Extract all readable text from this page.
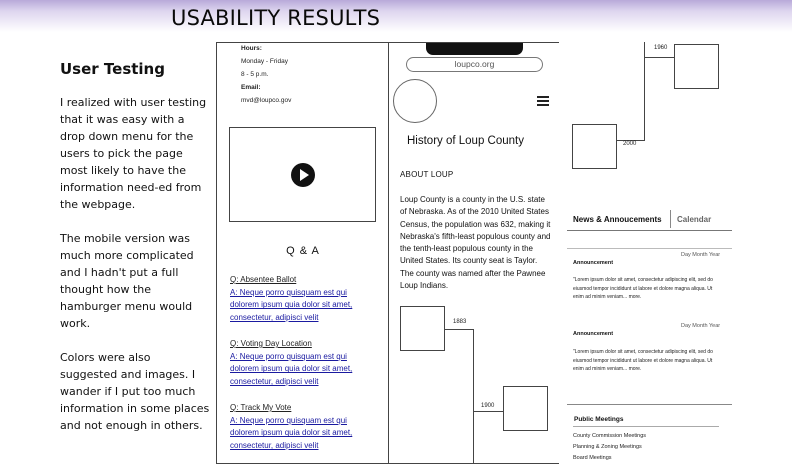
USABILITY RESULTS
User Testing

I realized with user testing that it was easy with a drop down menu for the users to pick the page most likely to have the information need-ed from the webpage.

The mobile version was much more complicated and I hadn't put a full thought how the hamburger menu would work.

Colors were also suggested and images. I wander if I put too much information in some places and not enough in others.

Hours:
Monday - Friday
8 - 5 p.m.
Email:
mvd@loupco.gov
Q & A
Q: Absentee Ballot
A: Neque porro quisquam est qui
dolorem ipsum quia dolor sit amet,
consectetur, adipisci velit
Q: Voting Day Location
A: Neque porro quisquam est qui
dolorem ipsum quia dolor sit amet,
consectetur, adipisci velit
Q: Track My Vote
A: Neque porro quisquam est qui
dolorem ipsum quia dolor sit amet,
consectetur, adipisci velit
loupco.org
History of Loup County
ABOUT LOUP
Loup County is a county in the U.S. state of Nebraska. As of the 2010 United States Census, the population was 632, making it Nebraska's fifth-least populous county and the tenth-least populous county in the United States. Its county seat is Taylor. The county was named after the Pawnee Loup Indians.
1883
1900
1960
2000
News & Annoucements Calendar
Day Month Year
Announcement
"Lorem ipsum dolor sit amet, consectetur adipiscing elit, sed do eiusmod tempor incididunt ut labore et dolore magna aliqua. Ut enim ad minim veniam... more.
Day Month Year
Announcement
"Lorem ipsum dolor sit amet, consectetur adipiscing elit, sed do eiusmod tempor incididunt ut labore et dolore magna aliqua. Ut enim ad minim veniam... more.
Public Meetings
County Commission Meetings
Planning & Zoning Meetings
Board Meetings
